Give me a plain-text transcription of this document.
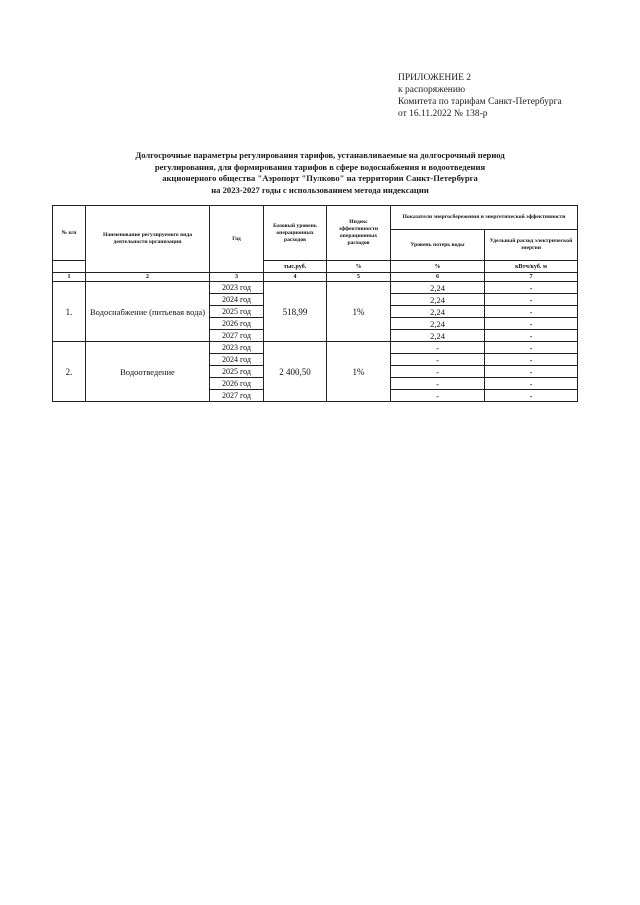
ПРИЛОЖЕНИЕ 2
к распоряжению
Комитета по тарифам Санкт-Петербурга
от 16.11.2022 № 138-р
Долгосрочные параметры регулирования тарифов, устанавливаемые на долгосрочный период
регулирования, для формирования тарифов в сфере водоснабжения и водоотведения
акционерного общества "Аэропорт "Пулково" на территории Санкт-Петербурга
на 2023-2027 годы с использованием метода индексации
№ п/п	Наименование регулируемого вида деятельности организации	Год	Базовый уровень операционных расходов	Индекс эффективности операционных расходов	Показатели энергосбережения и энергетической эффективности	
					Уровень потерь воды	Удельный расход электрической энергии
			тыс.руб.	%	%	кВтч/куб. м
1	2	3	4	5	6	7
1.	Водоснабжение (питьевая вода)	2023 год	518,99	1%	2,24	-
		2024 год			2,24	-
		2025 год			2,24	-
		2026 год			2,24	-
		2027 год			2,24	-
2.	Водоотведение	2023 год	2 400,50	1%	-	-
		2024 год			-	-
		2025 год			-	-
		2026 год			-	-
		2027 год			-	-
